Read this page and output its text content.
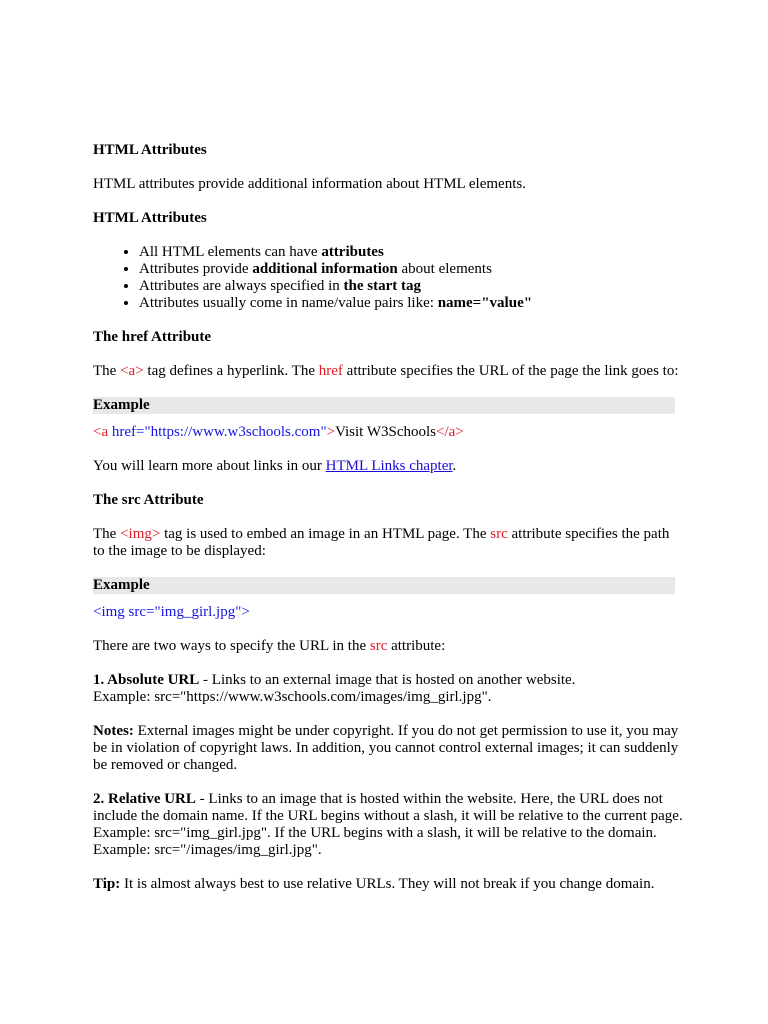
HTML Attributes

HTML attributes provide additional information about HTML elements.

HTML Attributes

• All HTML elements can have attributes
• Attributes provide additional information about elements
• Attributes are always specified in the start tag
• Attributes usually come in name/value pairs like: name="value"

The href Attribute

The <a> tag defines a hyperlink. The href attribute specifies the URL of the page the link goes to:

Example

<a href="https://www.w3schools.com">Visit W3Schools</a>

You will learn more about links in our HTML Links chapter.

The src Attribute

The <img> tag is used to embed an image in an HTML page. The src attribute specifies the path to the image to be displayed:

Example

<img src="img_girl.jpg">

There are two ways to specify the URL in the src attribute:

1. Absolute URL - Links to an external image that is hosted on another website.
Example: src="https://www.w3schools.com/images/img_girl.jpg".

Notes: External images might be under copyright. If you do not get permission to use it, you may be in violation of copyright laws. In addition, you cannot control external images; it can suddenly be removed or changed.

2. Relative URL - Links to an image that is hosted within the website. Here, the URL does not include the domain name. If the URL begins without a slash, it will be relative to the current page. Example: src="img_girl.jpg". If the URL begins with a slash, it will be relative to the domain. Example: src="/images/img_girl.jpg".

Tip: It is almost always best to use relative URLs. They will not break if you change domain.
